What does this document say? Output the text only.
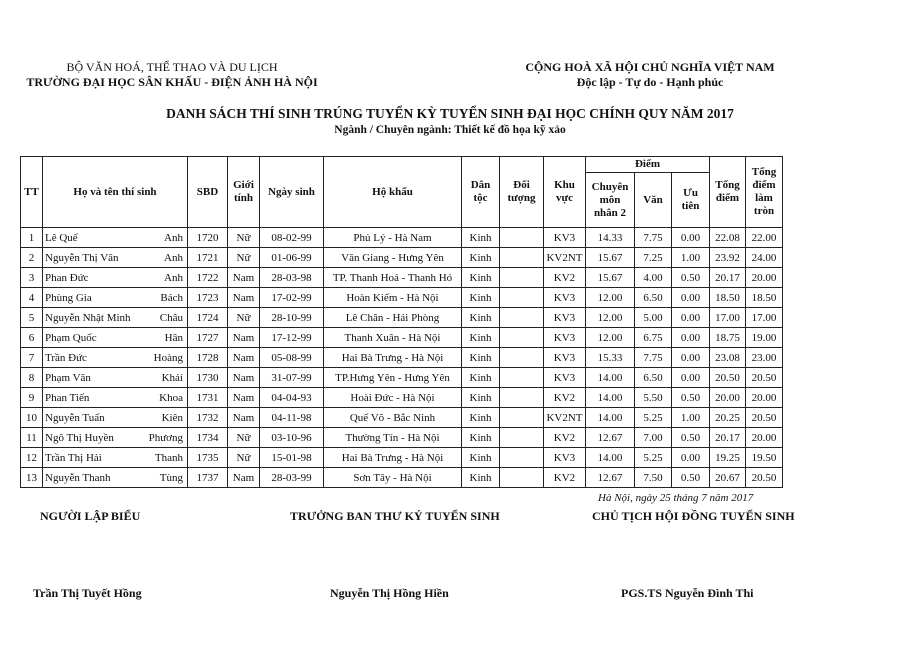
BỘ VĂN HOÁ, THỂ THAO VÀ DU LỊCH
TRƯỜNG ĐẠI HỌC SÂN KHẤU - ĐIỆN ẢNH HÀ NỘI
CỘNG HOÀ XÃ HỘI CHỦ NGHĨA VIỆT NAM
Độc lập - Tự do - Hạnh phúc
DANH SÁCH THÍ SINH TRÚNG TUYỂN KỲ TUYỂN SINH ĐẠI HỌC CHÍNH QUY NĂM 2017
Ngành / Chuyên ngành: Thiết kế đồ họa kỹ xảo
TT	Họ và tên thí sinh		SBD	Giới tính	Ngày sinh	Hộ khẩu	Dân tộc	Đối tượng	Khu vực	Điểm			Tổng điểm	Tổng điểm làm tròn
										Chuyên môn nhân 2	Văn	Ưu tiên		
1	Lê Quế	Anh	1720	Nữ	08-02-99	Phủ Lý - Hà Nam	Kinh		KV3	14.33	7.75	0.00	22.08	22.00
2	Nguyễn Thị Vân	Anh	1721	Nữ	01-06-99	Văn Giang - Hưng Yên	Kinh		KV2NT	15.67	7.25	1.00	23.92	24.00
3	Phan Đức	Anh	1722	Nam	28-03-98	TP. Thanh Hoá - Thanh Hó	Kinh		KV2	15.67	4.00	0.50	20.17	20.00
4	Phùng Gia	Bách	1723	Nam	17-02-99	Hoàn Kiếm - Hà Nội	Kinh		KV3	12.00	6.50	0.00	18.50	18.50
5	Nguyễn Nhật Minh	Châu	1724	Nữ	28-10-99	Lê Chân - Hải Phòng	Kinh		KV3	12.00	5.00	0.00	17.00	17.00
6	Phạm Quốc	Hân	1727	Nam	17-12-99	Thanh Xuân - Hà Nội	Kinh		KV3	12.00	6.75	0.00	18.75	19.00
7	Trần Đức	Hoàng	1728	Nam	05-08-99	Hai Bà Trưng - Hà Nội	Kinh		KV3	15.33	7.75	0.00	23.08	23.00
8	Phạm Văn	Khải	1730	Nam	31-07-99	TP.Hưng Yên - Hưng Yên	Kinh		KV3	14.00	6.50	0.00	20.50	20.50
9	Phan Tiến	Khoa	1731	Nam	04-04-93	Hoài Đức - Hà Nội	Kinh		KV2	14.00	5.50	0.50	20.00	20.00
10	Nguyễn Tuấn	Kiên	1732	Nam	04-11-98	Quế Võ - Bắc Ninh	Kinh		KV2NT	14.00	5.25	1.00	20.25	20.50
11	Ngô Thị Huyền	Phương	1734	Nữ	03-10-96	Thường Tín - Hà Nội	Kinh		KV2	12.67	7.00	0.50	20.17	20.00
12	Trần Thị Hải	Thanh	1735	Nữ	15-01-98	Hai Bà Trưng - Hà Nội	Kinh		KV3	14.00	5.25	0.00	19.25	19.50
13	Nguyễn Thanh	Tùng	1737	Nam	28-03-99	Sơn Tây - Hà Nội	Kinh		KV2	12.67	7.50	0.50	20.67	20.50
Hà Nội, ngày 25 tháng 7 năm 2017
NGƯỜI LẬP BIỂU	TRƯỞNG BAN THƯ KÝ TUYỂN SINH	CHỦ TỊCH HỘI ĐỒNG TUYỂN SINH
Trần Thị Tuyết Hồng	Nguyễn Thị Hồng Hiền	PGS.TS Nguyễn Đình Thi
